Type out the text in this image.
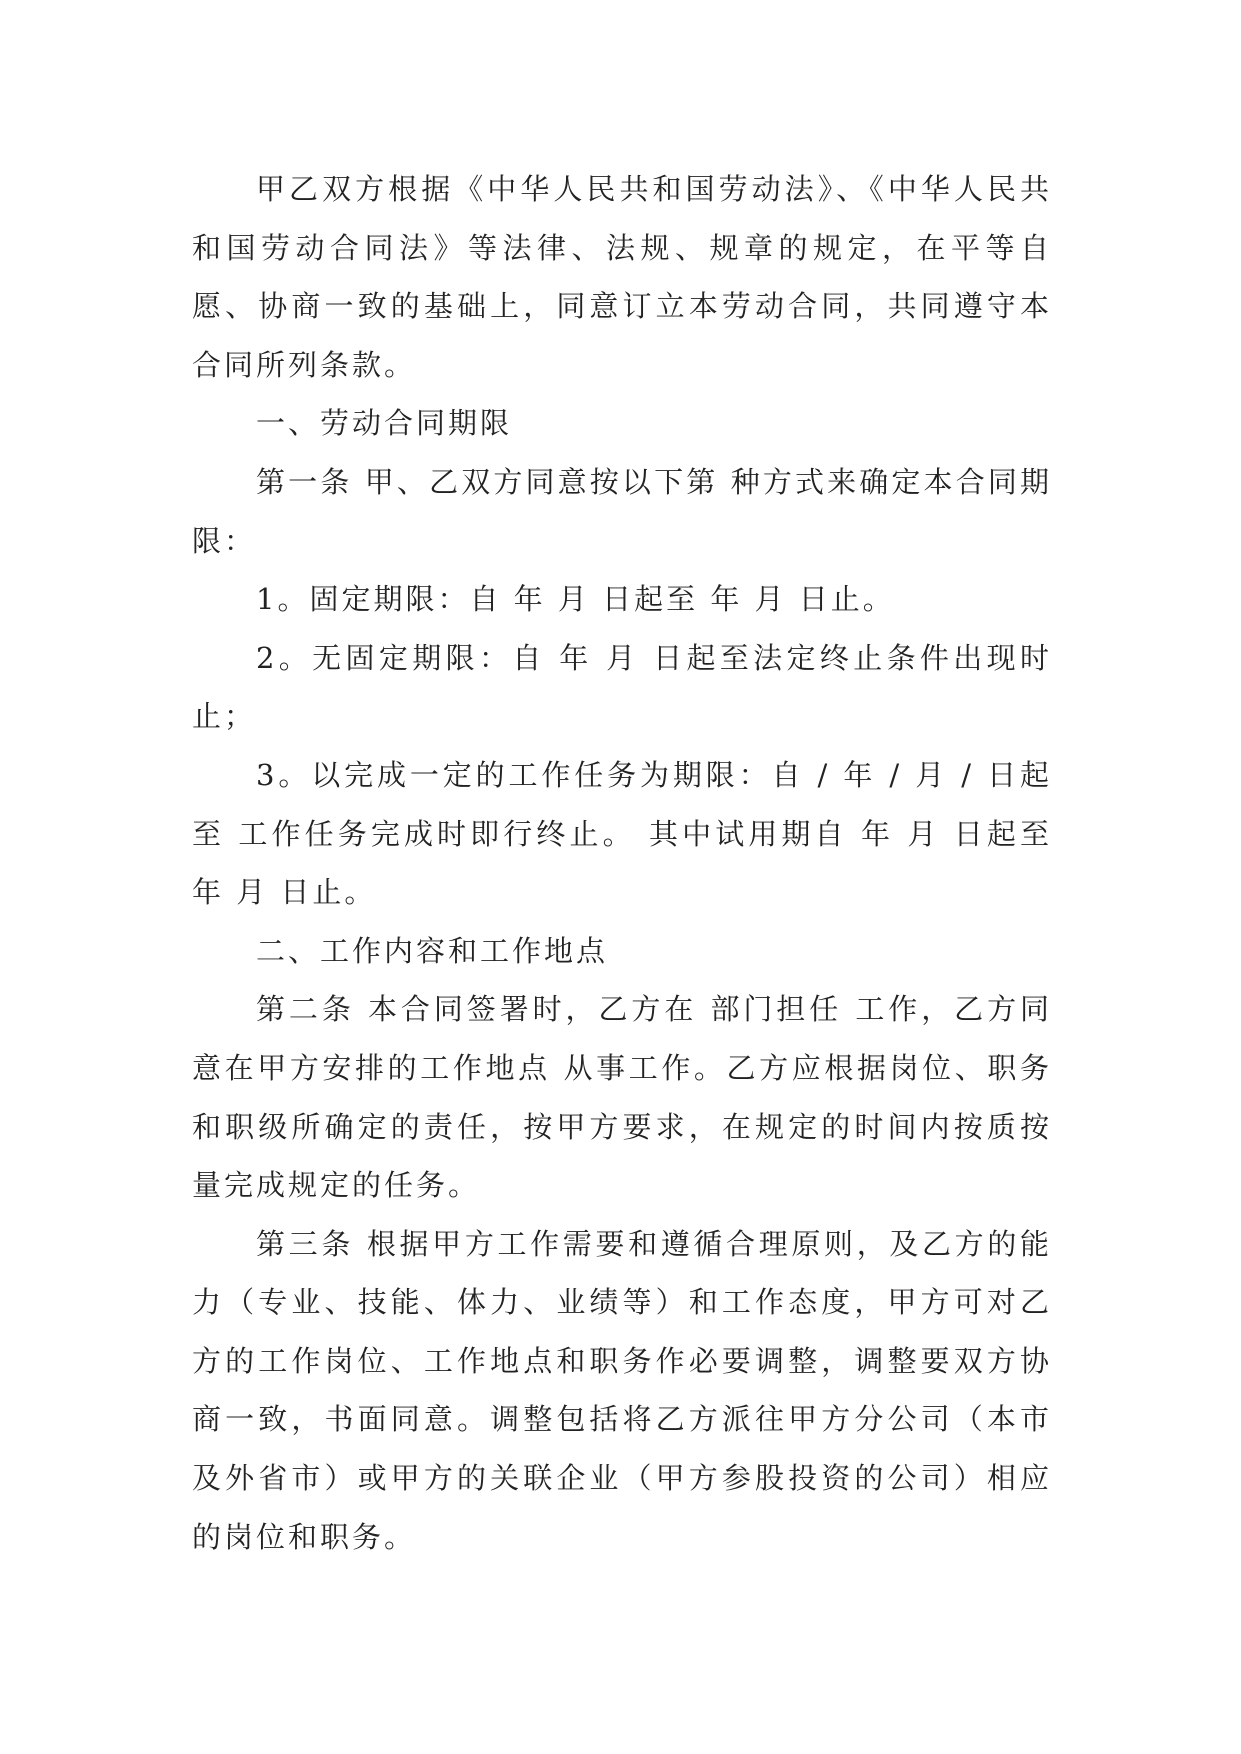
甲乙双方根据《中华人民共和国劳动法》、《中华人民共和国劳动合同法》等法律、法规、规章的规定，在平等自愿、协商一致的基础上，同意订立本劳动合同，共同遵守本合同所列条款。

一、劳动合同期限

第一条 甲、乙双方同意按以下第 种方式来确定本合同期限：

1。固定期限：自 年 月 日起至 年 月 日止。

2。无固定期限：自 年 月 日起至法定终止条件出现时止；

3。以完成一定的工作任务为期限：自 / 年 / 月 / 日起至 工作任务完成时即行终止。 其中试用期自 年 月 日起至 年 月 日止。

二、工作内容和工作地点

第二条 本合同签署时，乙方在 部门担任 工作，乙方同意在甲方安排的工作地点 从事工作。乙方应根据岗位、职务和职级所确定的责任，按甲方要求，在规定的时间内按质按量完成规定的任务。

第三条 根据甲方工作需要和遵循合理原则，及乙方的能力（专业、技能、体力、业绩等）和工作态度，甲方可对乙方的工作岗位、工作地点和职务作必要调整，调整要双方协商一致，书面同意。调整包括将乙方派往甲方分公司（本市及外省市）或甲方的关联企业（甲方参股投资的公司）相应的岗位和职务。
